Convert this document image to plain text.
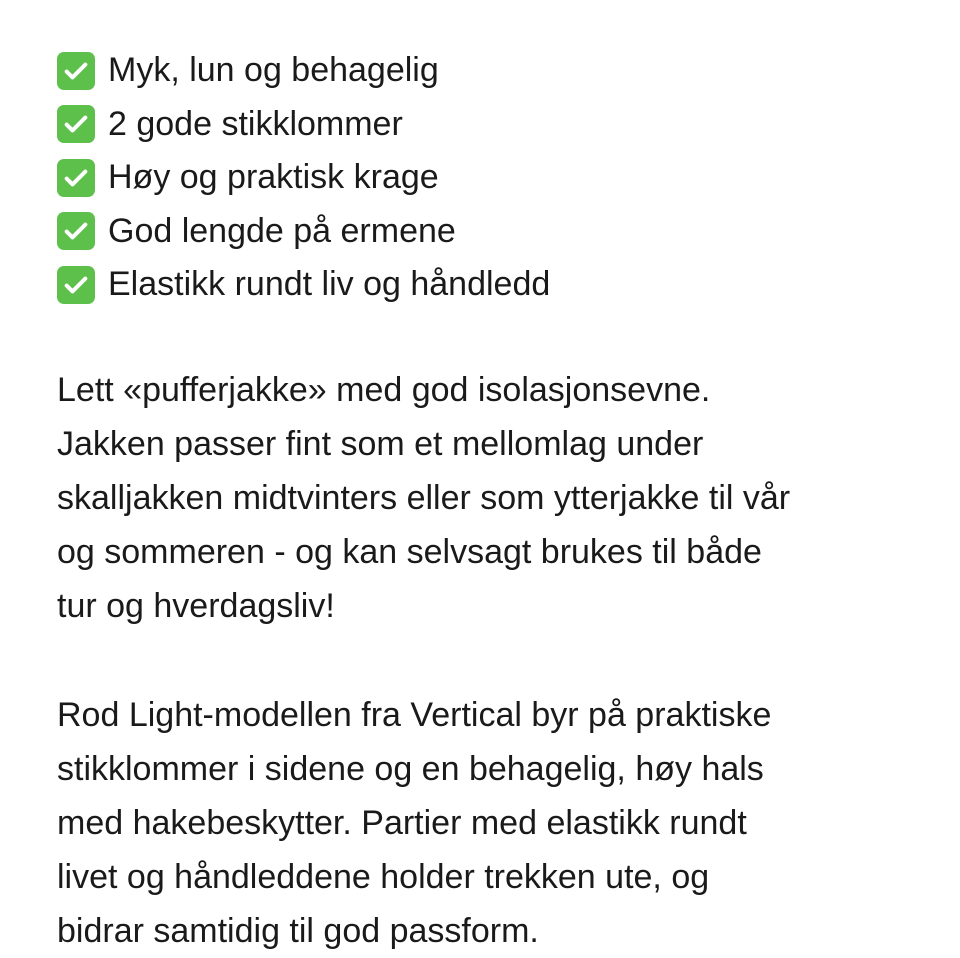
Myk, lun og behagelig
2 gode stikklommer
Høy og praktisk krage
God lengde på ermene
Elastikk rundt liv og håndledd
Lett «pufferjakke» med god isolasjonsevne.
Jakken passer fint som et mellomlag under
skalljakken midtvinters eller som ytterjakke til vår
og sommeren - og kan selvsagt brukes til både
tur og hverdagsliv!
Rod Light-modellen fra Vertical byr på praktiske
stikklommer i sidene og en behagelig, høy hals
med hakebeskytter. Partier med elastikk rundt
livet og håndleddene holder trekken ute, og
bidrar samtidig til god passform.
